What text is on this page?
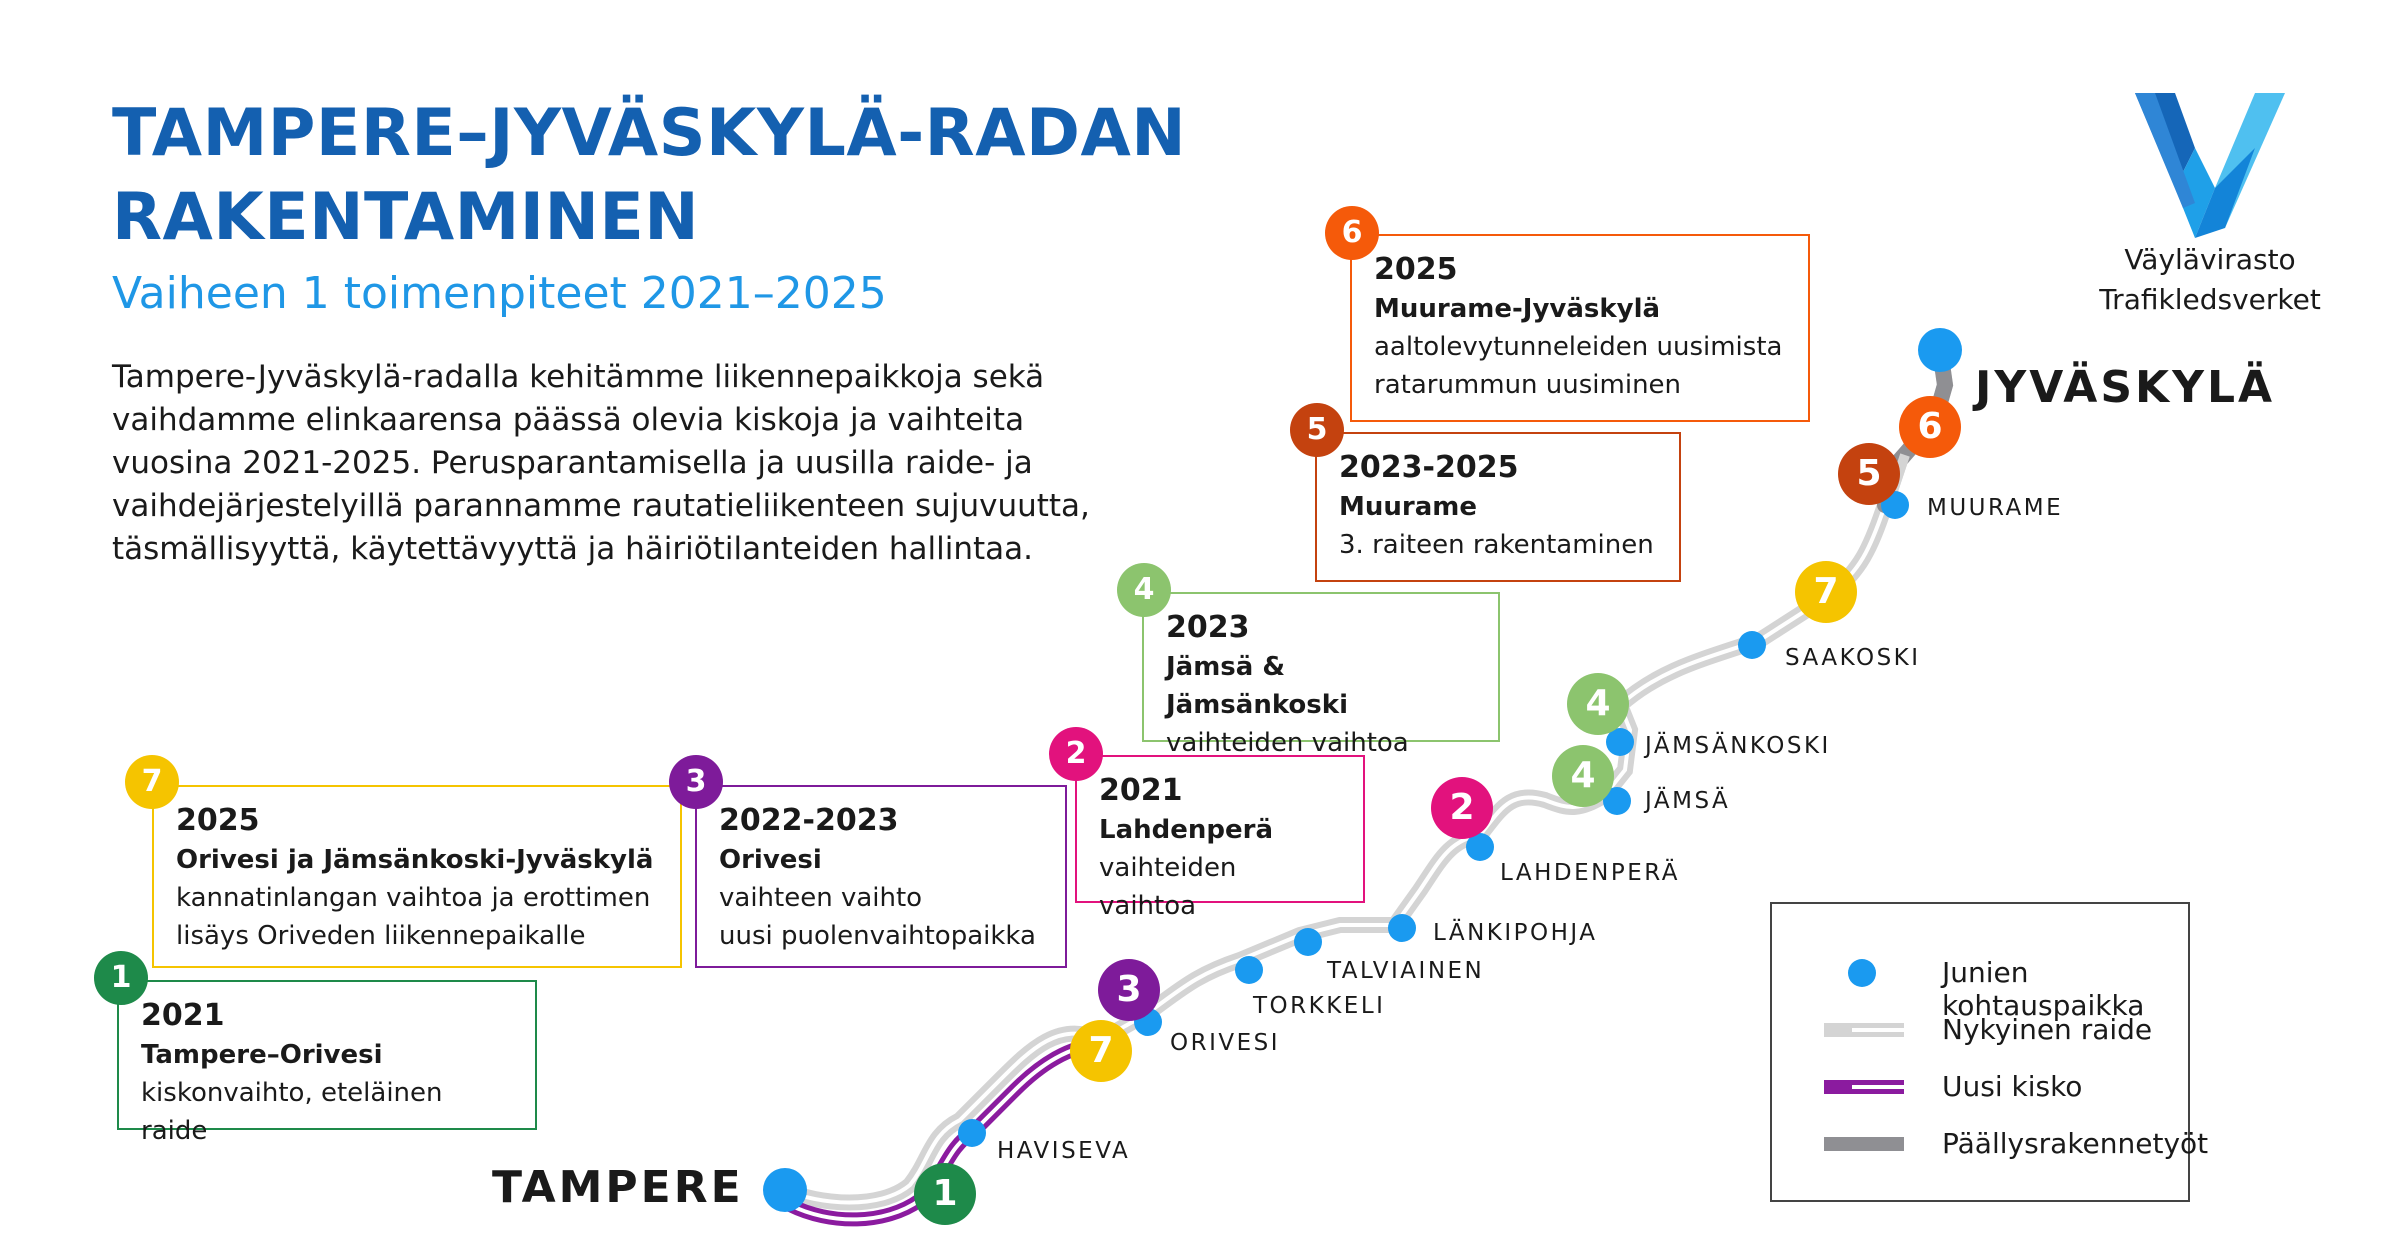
TAMPERE–JYVÄSKYLÄ-RADAN
RAKENTAMINEN
Vaiheen 1 toimenpiteet 2021–2025
Tampere-Jyväskylä-radalla kehitämme liikennepaikkoja sekä vaihdamme elinkaarensa päässä olevia kiskoja ja vaihteita vuosina 2021-2025. Perusparantamisella ja uusilla raide- ja vaihdejärjestelyillä parannamme rautatieliikenteen sujuvuutta, täsmällisyyttä, käytettävyyttä ja häiriötilanteiden hallintaa.
Väylävirasto
Trafikledsverket
TAMPERE
JYVÄSKYLÄ
HAVISEVA
ORIVESI
TORKKELI
TALVIAINEN
LÄNKIPOHJA
LAHDENPERÄ
JÄMSÄ
JÄMSÄNKOSKI
SAAKOSKI
MUURAME
1
7
3
2
4
4
7
5
6
2021
Tampere–Orivesi
kiskonvaihto, eteläinen raide
1
2025
Orivesi ja Jämsänkoski-Jyväskylä
kannatinlangan vaihtoa ja erottimen
lisäys Oriveden liikennepaikalle
7
2022-2023
Orivesi
vaihteen vaihto
uusi puolenvaihtopaikka
3	2021
Lahdenperä
vaihteiden vaihtoa
2
2023
Jämsä & Jämsänkoski
vaihteiden vaihtoa
4
2023-2025
Muurame
3. raiteen rakentaminen
5
2025
Muurame-Jyväskylä
aaltolevytunneleiden uusimista
ratarummun uusiminen
6
Junien kohtauspaikka
Nykyinen raide
Uusi kisko
Päällysrakennetyöt
